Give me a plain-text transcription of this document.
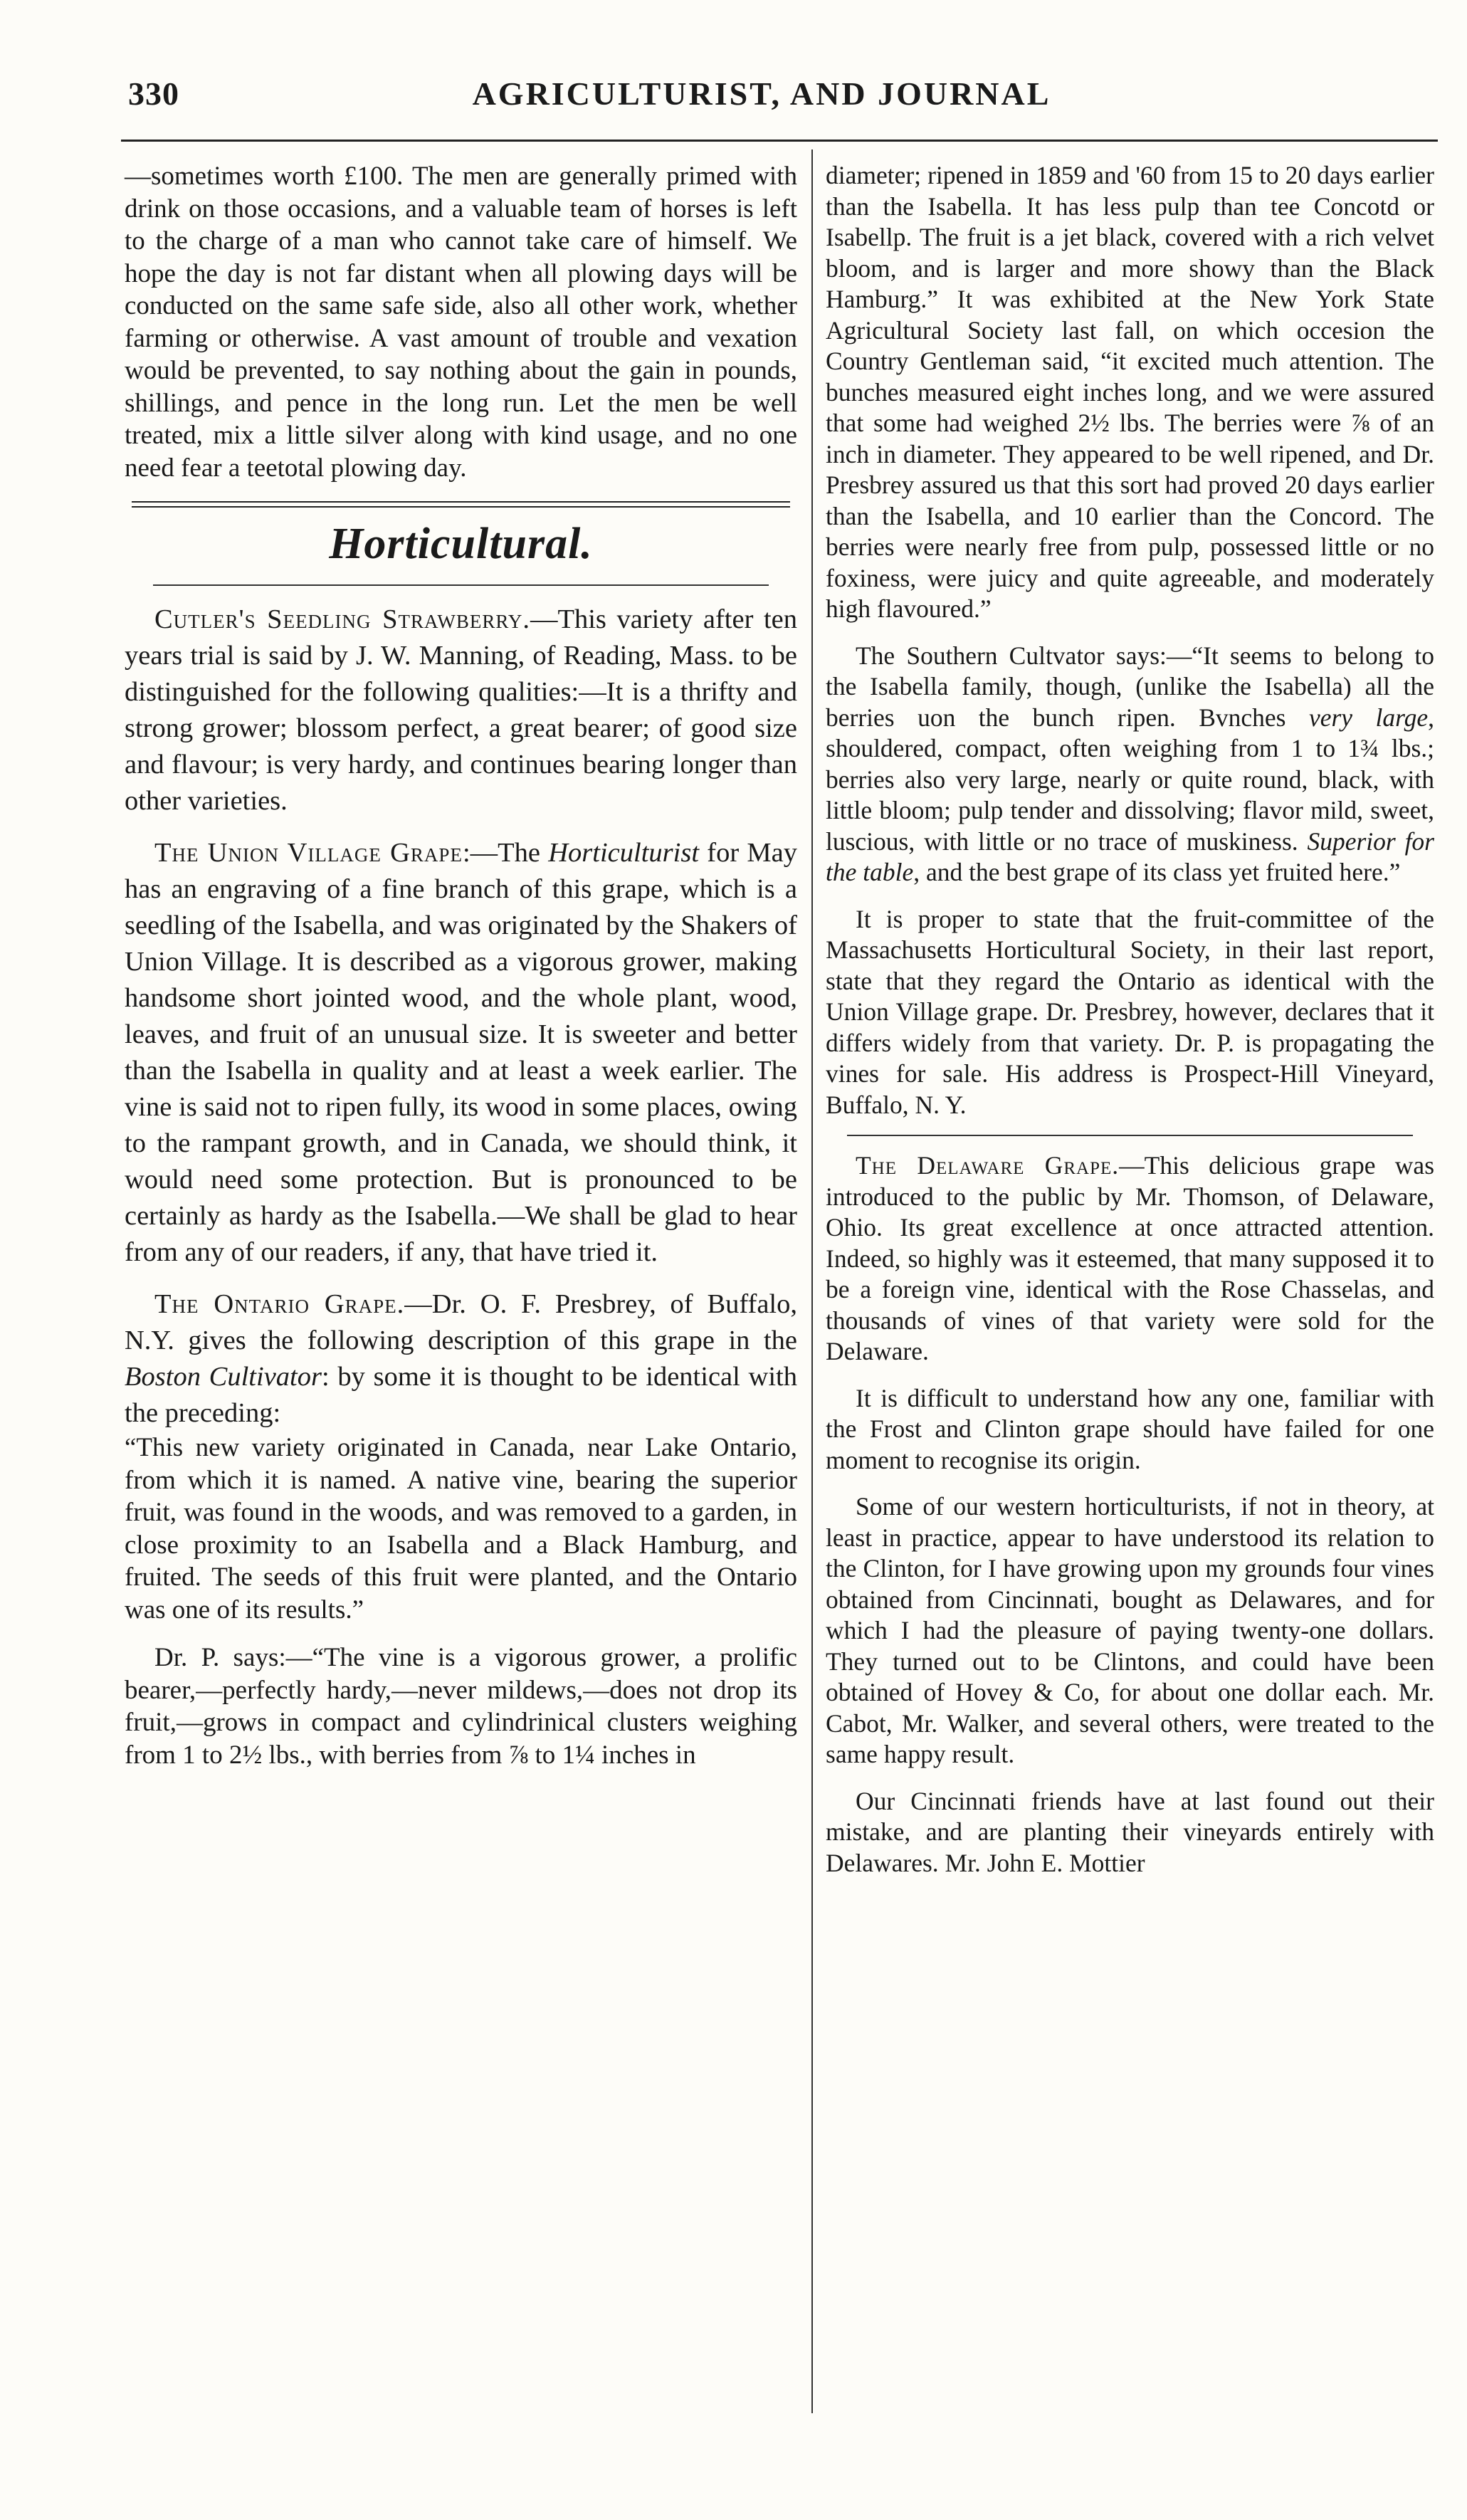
330	AGRICULTURIST, AND JOURNAL

—sometimes worth £100. The men are generally primed with drink on those occasions, and a valuable team of horses is left to the charge of a man who cannot take care of himself. We hope the day is not far distant when all plowing days will be conducted on the same safe side, also all other work, whether farming or otherwise. A vast amount of trouble and vexation would be prevented, to say nothing about the gain in pounds, shillings, and pence in the long run. Let the men be well treated, mix a little silver along with kind usage, and no one need fear a teetotal plowing day.

Horticultural.

Cutler's Seedling Strawberry.—This variety after ten years trial is said by J. W. Manning, of Reading, Mass. to be distinguished for the following qualities:—It is a thrifty and strong grower; blossom perfect, a great bearer; of good size and flavour; is very hardy, and continues bearing longer than other varieties.

The Union Village Grape:—The Horticulturist for May has an engraving of a fine branch of this grape, which is a seedling of the Isabella, and was originated by the Shakers of Union Village. It is described as a vigorous grower, making handsome short jointed wood, and the whole plant, wood, leaves, and fruit of an unusual size. It is sweeter and better than the Isabella in quality and at least a week earlier. The vine is said not to ripen fully, its wood in some places, owing to the rampant growth, and in Canada, we should think, it would need some protection. But is pronounced to be certainly as hardy as the Isabella.—We shall be glad to hear from any of our readers, if any, that have tried it.

The Ontario Grape.—Dr. O. F. Presbrey, of Buffalo, N.Y. gives the following description of this grape in the Boston Cultivator: by some it is thought to be identical with the preceding:

“This new variety originated in Canada, near Lake Ontario, from which it is named. A native vine, bearing the superior fruit, was found in the woods, and was removed to a garden, in close proximity to an Isabella and a Black Hamburg, and fruited. The seeds of this fruit were planted, and the Ontario was one of its results.”

Dr. P. says:—“The vine is a vigorous grower, a prolific bearer,—perfectly hardy,—never mildews,—does not drop its fruit,—grows in compact and cylindrinical clusters weighing from 1 to 2½ lbs., with berries from ⅞ to 1¼ inches in

diameter; ripened in 1859 and '60 from 15 to 20 days earlier than the Isabella. It has less pulp than tee Concotd or Isabellp. The fruit is a jet black, covered with a rich velvet bloom, and is larger and more showy than the Black Hamburg.” It was exhibited at the New York State Agricultural Society last fall, on which occesion the Country Gentleman said, “it excited much attention. The bunches measured eight inches long, and we were assured that some had weighed 2½ lbs. The berries were ⅞ of an inch in diameter. They appeared to be well ripened, and Dr. Presbrey assured us that this sort had proved 20 days earlier than the Isabella, and 10 earlier than the Concord. The berries were nearly free from pulp, possessed little or no foxiness, were juicy and quite agreeable, and moderately high flavoured.”

The Southern Cultvator says:—“It seems to belong to the Isabella family, though, (unlike the Isabella) all the berries uon the bunch ripen. Bvnches very large, shouldered, compact, often weighing from 1 to 1¾ lbs.; berries also very large, nearly or quite round, black, with little bloom; pulp tender and dissolving; flavor mild, sweet, luscious, with little or no trace of muskiness. Superior for the table, and the best grape of its class yet fruited here.”

It is proper to state that the fruit-committee of the Massachusetts Horticultural Society, in their last report, state that they regard the Ontario as identical with the Union Village grape. Dr. Presbrey, however, declares that it differs widely from that variety. Dr. P. is propagating the vines for sale. His address is Prospect-Hill Vineyard, Buffalo, N. Y.

The Delaware Grape.—This delicious grape was introduced to the public by Mr. Thomson, of Delaware, Ohio. Its great excellence at once attracted attention. Indeed, so highly was it esteemed, that many supposed it to be a foreign vine, identical with the Rose Chasselas, and thousands of vines of that variety were sold for the Delaware.

It is difficult to understand how any one, familiar with the Frost and Clinton grape should have failed for one moment to recognise its origin.

Some of our western horticulturists, if not in theory, at least in practice, appear to have understood its relation to the Clinton, for I have growing upon my grounds four vines obtained from Cincinnati, bought as Delawares, and for which I had the pleasure of paying twenty-one dollars. They turned out to be Clintons, and could have been obtained of Hovey & Co, for about one dollar each. Mr. Cabot, Mr. Walker, and several others, were treated to the same happy result.

Our Cincinnati friends have at last found out their mistake, and are planting their vineyards entirely with Delawares. Mr. John E. Mottier
